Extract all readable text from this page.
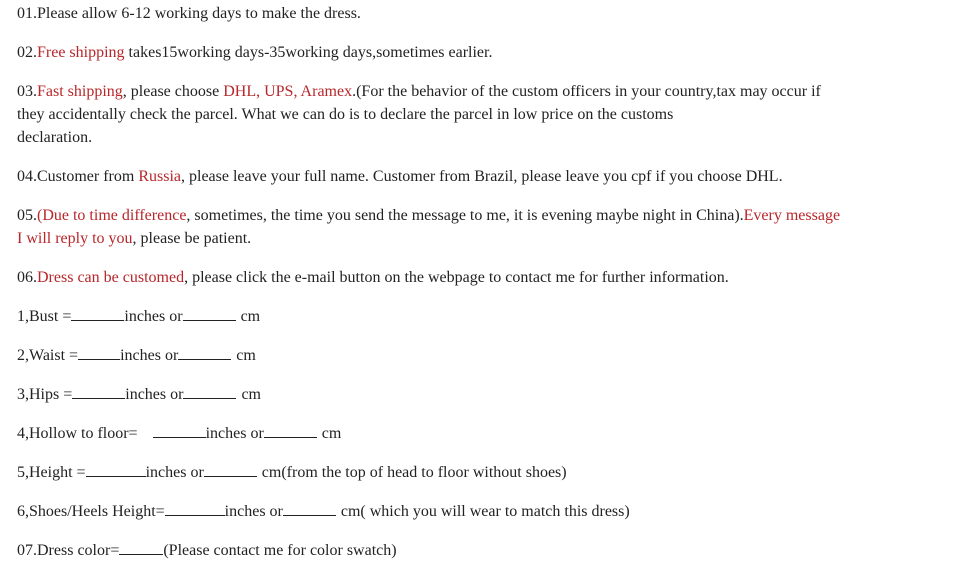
01.Please allow 6-12 working days to make the dress.
02.Free shipping takes15working days-35working days,sometimes earlier.
03.Fast shipping, please choose DHL, UPS, Aramex.(For the behavior of the custom officers in your country,tax may occur if
they accidentally check the parcel. What we can do is to declare the parcel in low price on the customs
declaration.
04.Customer from Russia, please leave your full name. Customer from Brazil, please leave you cpf if you choose DHL.
05.(Due to time difference, sometimes, the time you send the message to me, it is evening maybe night in China).Every message
I will reply to you, please be patient.
06.Dress can be customed, please click the e-mail button on the webpage to contact me for further information.
1,Bust =	inches or	cm
2,Waist =	inches or	cm
3,Hips =	inches or	cm
4,Hollow to floor=	inches or	cm
5,Height =	inches or	cm(from the top of head to floor without shoes)
6,Shoes/Heels Height=	inches or	cm( which you will wear to match this dress)
07.Dress color=	(Please contact me for color swatch)
